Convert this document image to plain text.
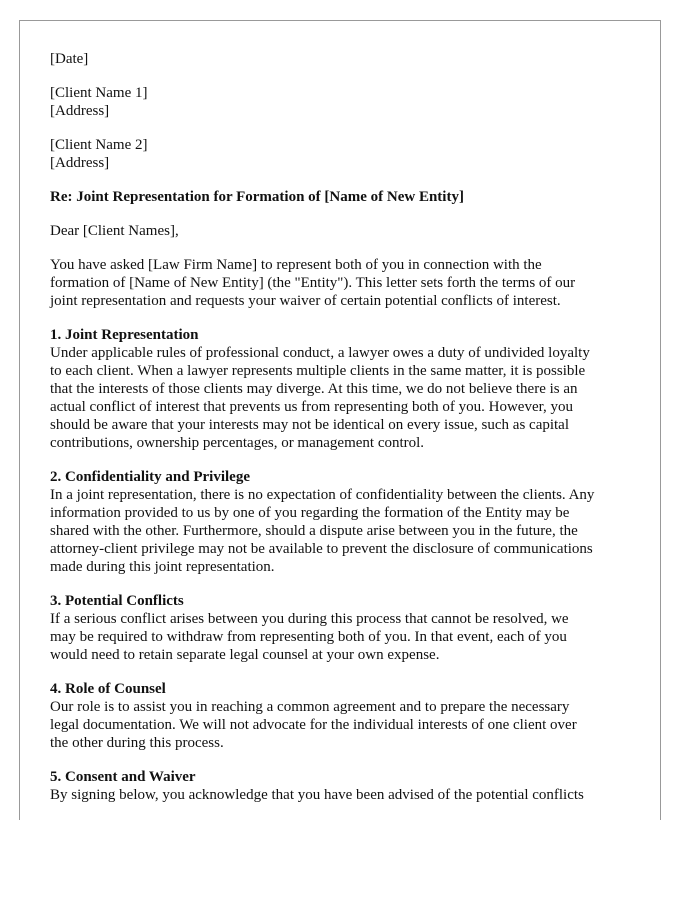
[Date]
[Client Name 1]
[Address]
[Client Name 2]
[Address]
Re: Joint Representation for Formation of [Name of New Entity]
Dear [Client Names],
You have asked [Law Firm Name] to represent both of you in connection with the
formation of [Name of New Entity] (the "Entity"). This letter sets forth the terms of our
joint representation and requests your waiver of certain potential conflicts of interest.
1. Joint Representation
Under applicable rules of professional conduct, a lawyer owes a duty of undivided loyalty
to each client. When a lawyer represents multiple clients in the same matter, it is possible
that the interests of those clients may diverge. At this time, we do not believe there is an
actual conflict of interest that prevents us from representing both of you. However, you
should be aware that your interests may not be identical on every issue, such as capital
contributions, ownership percentages, or management control.
2. Confidentiality and Privilege
In a joint representation, there is no expectation of confidentiality between the clients. Any
information provided to us by one of you regarding the formation of the Entity may be
shared with the other. Furthermore, should a dispute arise between you in the future, the
attorney-client privilege may not be available to prevent the disclosure of communications
made during this joint representation.
3. Potential Conflicts
If a serious conflict arises between you during this process that cannot be resolved, we
may be required to withdraw from representing both of you. In that event, each of you
would need to retain separate legal counsel at your own expense.
4. Role of Counsel
Our role is to assist you in reaching a common agreement and to prepare the necessary
legal documentation. We will not advocate for the individual interests of one client over
the other during this process.
5. Consent and Waiver
By signing below, you acknowledge that you have been advised of the potential conflicts
